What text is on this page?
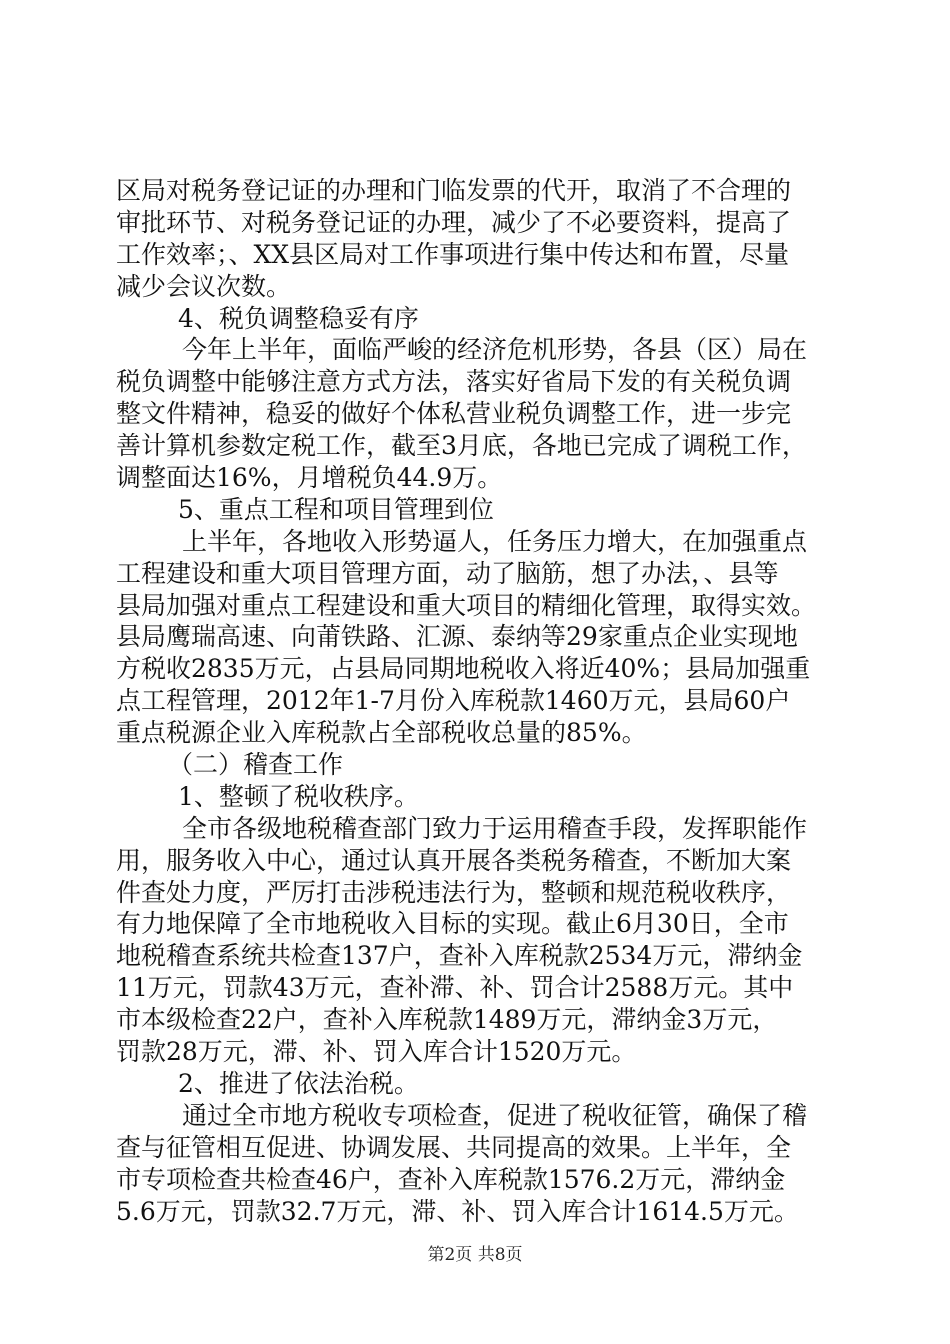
区局对税务登记证的办理和门临发票的代开，取消了不合理的
审批环节、对税务登记证的办理，减少了不必要资料，提高了
工作效率；、XX县区局对工作事项进行集中传达和布置，尽量
减少会议次数。
4、税负调整稳妥有序
今年上半年，面临严峻的经济危机形势，各县（区）局在
税负调整中能够注意方式方法，落实好省局下发的有关税负调
整文件精神，稳妥的做好个体私营业税负调整工作，进一步完
善计算机参数定税工作，截至3月底，各地已完成了调税工作，
调整面达16%，月增税负44.9万。
5、重点工程和项目管理到位
上半年，各地收入形势逼人，任务压力增大，在加强重点
工程建设和重大项目管理方面，动了脑筋，想了办法，、县等
县局加强对重点工程建设和重大项目的精细化管理，取得实效。
县局鹰瑞高速、向莆铁路、汇源、泰纳等29家重点企业实现地
方税收2835万元，占县局同期地税收入将近40%；县局加强重
点工程管理，2012年1-7月份入库税款1460万元，县局60户
重点税源企业入库税款占全部税收总量的85%。
（二）稽查工作
1、整顿了税收秩序。
全市各级地税稽查部门致力于运用稽查手段，发挥职能作
用，服务收入中心，通过认真开展各类税务稽查，不断加大案
件查处力度，严厉打击涉税违法行为，整顿和规范税收秩序，
有力地保障了全市地税收入目标的实现。截止6月30日，全市
地税稽查系统共检查137户，查补入库税款2534万元，滞纳金
11万元，罚款43万元，查补滞、补、罚合计2588万元。其中
市本级检查22户，查补入库税款1489万元，滞纳金3万元，
罚款28万元，滞、补、罚入库合计1520万元。
2、推进了依法治税。
通过全市地方税收专项检查，促进了税收征管，确保了稽
查与征管相互促进、协调发展、共同提高的效果。上半年，全
市专项检查共检查46户，查补入库税款1576.2万元，滞纳金
5.6万元，罚款32.7万元，滞、补、罚入库合计1614.5万元。
第2页 共8页
